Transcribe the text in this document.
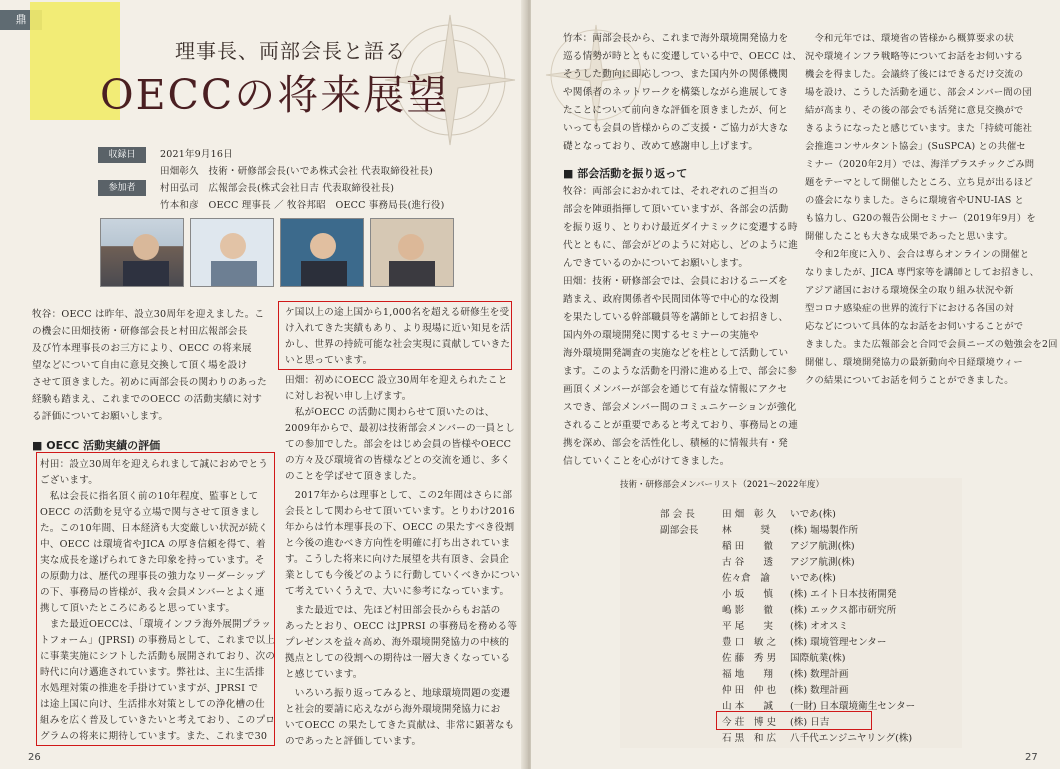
鼎
理事長、両部会長と語る
OECCの将来展望
収録日	2021年9月16日
参加者
田畑彰久　技術・研修部会長(いであ株式会社 代表取締役社長)
村田弘司　広報部会長(株式会社日吉 代表取締役社長)
竹本和彦　OECC 理事長 ／ 牧谷邦昭　OECC 事務局長(進行役)
牧谷：OECC は昨年、設立30周年を迎えました。こ
の機会に田畑技術・研修部会長と村田広報部会長
及び竹本理事長のお三方により、OECC の将来展
望などについて自由に意見交換して頂く場を設け
させて頂きました。初めに両部会長の関わりのあった
経験も踏まえ、これまでのOECC の活動実績に対す
る評価についてお願いします。
■ OECC 活動実績の評価
村田：設立30周年を迎えられまして誠におめでとう
ございます。
　私は会長に指名頂く前の10年程度、監事として
OECC の活動を見守る立場で関与させて頂きまし
た。この10年間、日本経済も大変厳しい状況が続く
中、OECC は環境省やJICA の厚き信頼を得て、着
実な成長を遂げられてきた印象を持っています。そ
の原動力は、歴代の理事長の強力なリーダーシップ
の下、事務局の皆様が、我々会員メンバーとよく連
携して頂いたところにあると思っています。
　また最近OECCは、「環境インフラ海外展開プラッ
トフォーム」(JPRSI) の事務局として、これまで以上
に事業実施にシフトした活動も展開されており、次の
時代に向け邁進されています。弊社は、主に生活排
水処理対策の推進を手掛けていますが、JPRSI で
は途上国に向け、生活排水対策としての浄化槽の仕
組みを広く普及していきたいと考えており、このプロ
グラムの将来に期待しています。また、これまで30
ケ国以上の途上国から1,000名を超える研修生を受
け入れてきた実績もあり、より現場に近い知見を活
かし、世界の持続可能な社会実現に貢献していきた
いと思っています。
田畑：初めにOECC 設立30周年を迎えられたこと
に対しお祝い申し上げます。
　私がOECC の活動に関わらせて頂いたのは、
2009年からで、最初は技術部会メンバーの一員とし
ての参加でした。部会をはじめ会員の皆様やOECC
の方々及び環境省の皆様などとの交流を通じ、多く
のことを学ばせて頂きました。
　2017年からは理事として、この2年間はさらに部
会長として関わらせて頂いています。とりわけ2016
年からは竹本理事長の下、OECC の果たすべき役割
と今後の進むべき方向性を明確に打ち出されていま
す。こうした将来に向けた展望を共有頂き、会員企
業としても今後どのように行動していくべきかについ
て考えていくうえで、大いに参考になっています。
　また最近では、先ほど村田部会長からもお話の
あったとおり、OECC はJPRSI の事務局を務める等
プレゼンスを益々高め、海外環境開発協力の中核的
拠点としての役割への期待は一層大きくなっている
と感じています。
　いろいろ振り返ってみると、地球環境問題の変遷
と社会的要請に応えながら海外環境開発協力にお
いてOECC の果たしてきた貢献は、非常に顕著なも
のであったと評価しています。
26
竹本：両部会長から、これまで海外環境開発協力を
巡る情勢が時とともに変遷している中で、OECC は、
そうした動向に即応しつつ、また国内外の関係機関
や関係者のネットワークを構築しながら進展してき
たことについて前向きな評価を頂きましたが、何と
いっても会員の皆様からのご支援・ご協力が大きな
礎となっており、改めて感謝申し上げます。
■ 部会活動を振り返って
牧谷：両部会におかれては、それぞれのご担当の
部会を陣頭指揮して頂いていますが、各部会の活動
を振り返り、とりわけ最近ダイナミックに変遷する時
代とともに、部会がどのように対応し、どのように進
んできているのかについてお願いします。
田畑：技術・研修部会では、会員におけるニーズを
踏まえ、政府関係者や民間団体等で中心的な役割
を果たしている幹部職員等を講師としてお招きし、
国内外の環境開発に関するセミナーの実施や
海外環境開発調査の実施などを柱として活動してい
ます。このような活動を円滑に進める上で、部会に参
画頂くメンバーが部会を通じて有益な情報にアクセ
スでき、部会メンバー間のコミュニケーションが強化
されることが重要であると考えており、事務局との連
携を深め、部会を活性化し、積極的に情報共有・発
信していくことを心がけてきました。
　令和元年では、環境省の皆様から概算要求の状
況や環境インフラ戦略等についてお話をお伺いする
機会を得ました。会議終了後にはできるだけ交流の
場を設け、こうした活動を通じ、部会メンバー間の団
結が高まり、その後の部会でも活発に意見交換がで
きるようになったと感じています。また「持続可能社
会推進コンサルタント協会」(SuSPCA) との共催セ
ミナー（2020年2月）では、海洋プラスチックごみ問
題をテーマとして開催したところ、立ち見が出るほど
の盛会になりました。さらに環境省やUNU-IAS と
も協力し、G20の報告公開セミナー（2019年9月）を
開催したことも大きな成果であったと思います。
　令和2年度に入り、会合は専らオンラインの開催と
なりましたが、JICA 専門家等を講師としてお招きし、
アジア諸国における環境保全の取り組み状況や新
型コロナ感染症の世界的流行下における各国の対
応などについて具体的なお話をお伺いすることがで
きました。また広報部会と合同で会員ニーズの勉強会を2回
開催し、環境開発協力の最新動向や日経環境ウィー
クの結果についてお話を伺うことができました。
技術・研修部会メンバーリスト（2021〜2022年度）
部 会 長	田 畑　彰 久 いであ(株)
副部会長 林　　　奨 (株) 堀場製作所
稲 田　　徹 アジア航測(株)
古 谷　　透 アジア航測(株)
佐々倉　諭 いであ(株)
小 坂　　慎 (株) エイト日本技術開発
嶋 影　　徹 (株) エックス都市研究所
平 尾　　実 (株) オオスミ
豊 口　敏 之 (株) 環境管理センター
佐 藤　秀 男 国際航業(株)
福 地　　翔 (株) 数理計画
仲 田　仲 也 (株) 数理計画
山 本　　誠 (一財) 日本環境衛生センター
今 荘　博 史 (株) 日吉
石 黒　和 広 八千代エンジニヤリング(株)
27
